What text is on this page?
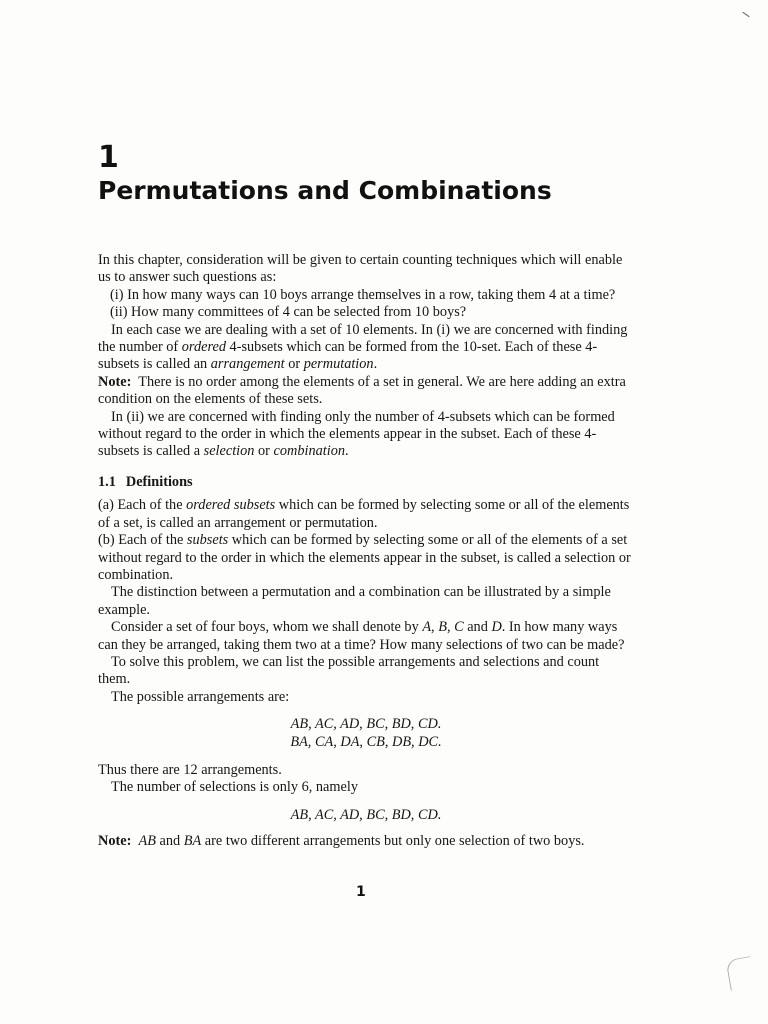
1
Permutations and Combinations

In this chapter, consideration will be given to certain counting techniques which will enable us to answer such questions as:

(i) In how many ways can 10 boys arrange themselves in a row, taking them 4 at a time?

(ii) How many committees of 4 can be selected from 10 boys?

In each case we are dealing with a set of 10 elements. In (i) we are concerned with finding the number of ordered 4-subsets which can be formed from the 10-set. Each of these 4-subsets is called an arrangement or permutation.

Note: There is no order among the elements of a set in general. We are here adding an extra condition on the elements of these sets.

In (ii) we are concerned with finding only the number of 4-subsets which can be formed without regard to the order in which the elements appear in the subset. Each of these 4-subsets is called a selection or combination.

1.1 Definitions

(a) Each of the ordered subsets which can be formed by selecting some or all of the elements of a set, is called an arrangement or permutation.

(b) Each of the subsets which can be formed by selecting some or all of the elements of a set without regard to the order in which the elements appear in the subset, is called a selection or combination.

The distinction between a permutation and a combination can be illustrated by a simple example.

Consider a set of four boys, whom we shall denote by A, B, C and D. In how many ways can they be arranged, taking them two at a time? How many selections of two can be made?

To solve this problem, we can list the possible arrangements and selections and count them.

The possible arrangements are:

AB, AC, AD, BC, BD, CD.

BA, CA, DA, CB, DB, DC.

Thus there are 12 arrangements.

The number of selections is only 6, namely

AB, AC, AD, BC, BD, CD.

Note: AB and BA are two different arrangements but only one selection of two boys.

1
